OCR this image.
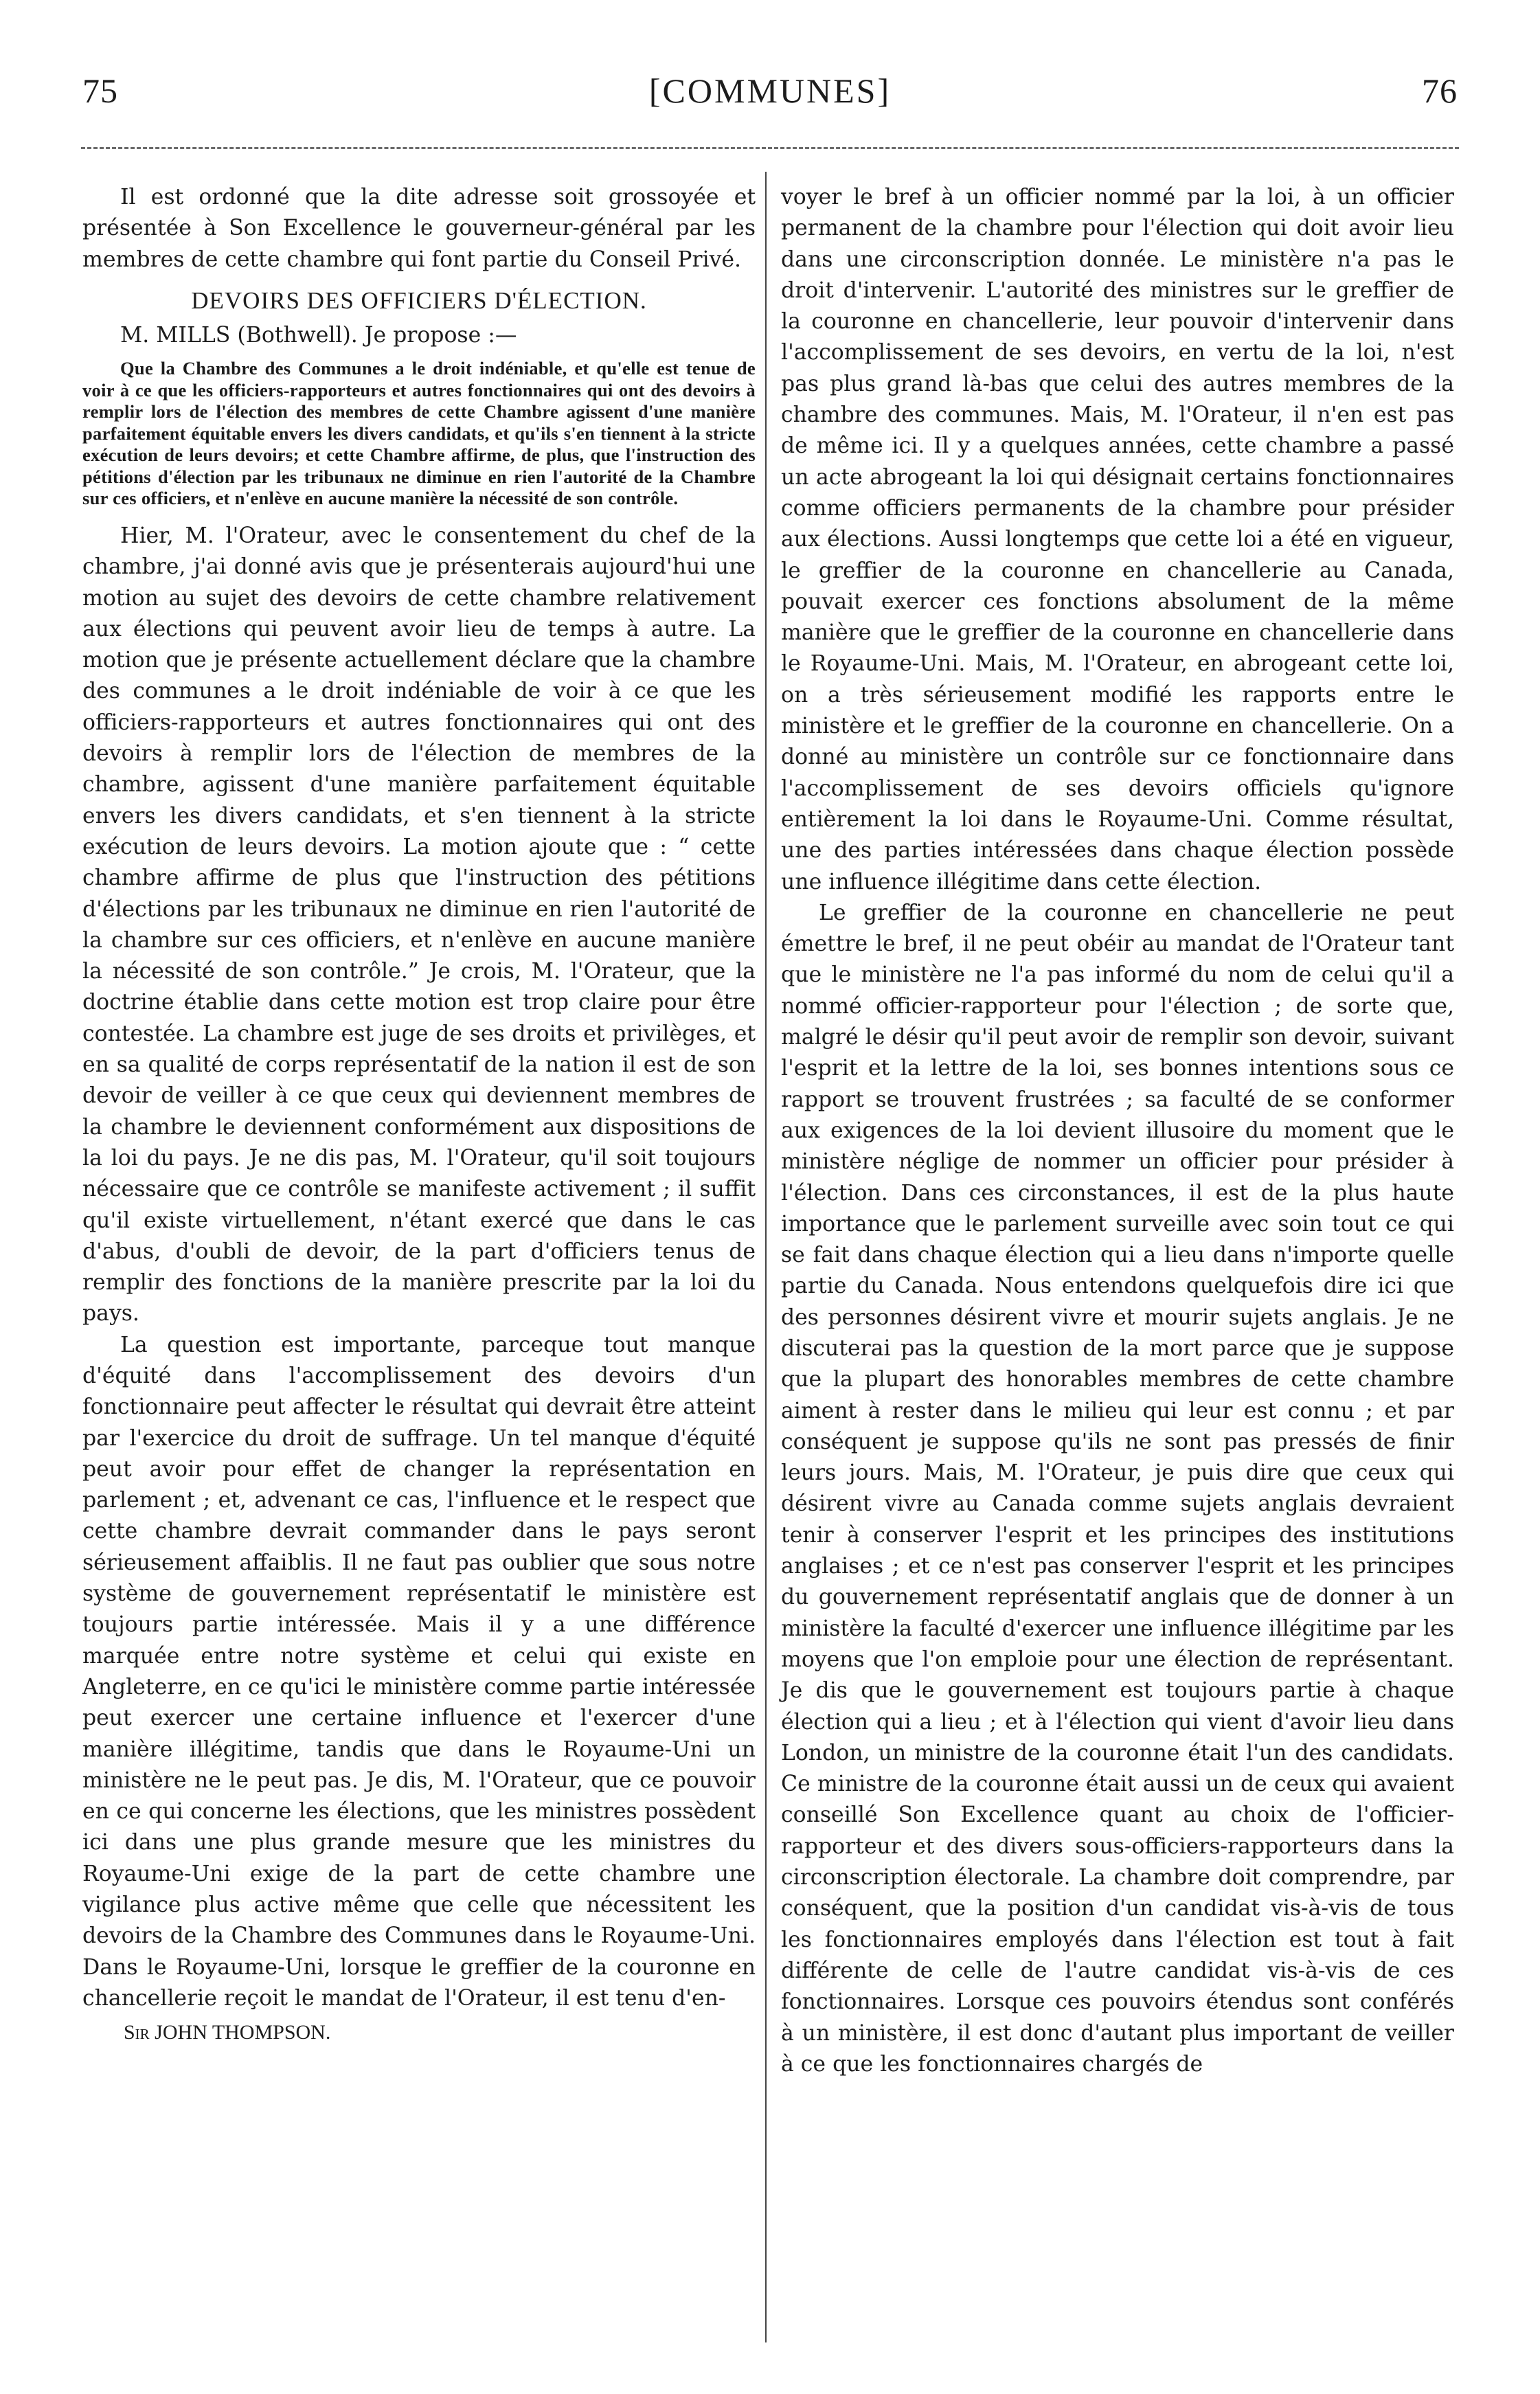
75	[COMMUNES]	76

Il est ordonné que la dite adresse soit grossoyée et présentée à Son Excellence le gouverneur-général par les membres de cette chambre qui font partie du Conseil Privé.

DEVOIRS DES OFFICIERS D'ÉLECTION.

M. MILLS (Bothwell). Je propose :—

Que la Chambre des Communes a le droit indéniable, et qu'elle est tenue de voir à ce que les officiers-rapporteurs et autres fonctionnaires qui ont des devoirs à remplir lors de l'élection des membres de cette Chambre agissent d'une manière parfaitement équitable envers les divers candidats, et qu'ils s'en tiennent à la stricte exécution de leurs devoirs; et cette Chambre affirme, de plus, que l'instruction des pétitions d'élection par les tribunaux ne diminue en rien l'autorité de la Chambre sur ces officiers, et n'enlève en aucune manière la nécessité de son contrôle.

Hier, M. l'Orateur, avec le consentement du chef de la chambre, j'ai donné avis que je présenterais aujourd'hui une motion au sujet des devoirs de cette chambre relativement aux élections qui peuvent avoir lieu de temps à autre. La motion que je présente actuellement déclare que la chambre des communes a le droit indéniable de voir à ce que les officiers-rapporteurs et autres fonctionnaires qui ont des devoirs à remplir lors de l'élection de membres de la chambre, agissent d'une manière parfaitement équitable envers les divers candidats, et s'en tiennent à la stricte exécution de leurs devoirs. La motion ajoute que : “ cette chambre affirme de plus que l'instruction des pétitions d'élections par les tribunaux ne diminue en rien l'autorité de la chambre sur ces officiers, et n'enlève en aucune manière la nécessité de son contrôle.” Je crois, M. l'Orateur, que la doctrine établie dans cette motion est trop claire pour être contestée. La chambre est juge de ses droits et privilèges, et en sa qualité de corps représentatif de la nation il est de son devoir de veiller à ce que ceux qui deviennent membres de la chambre le deviennent conformément aux dispositions de la loi du pays. Je ne dis pas, M. l'Orateur, qu'il soit toujours nécessaire que ce contrôle se manifeste activement ; il suffit qu'il existe virtuellement, n'étant exercé que dans le cas d'abus, d'oubli de devoir, de la part d'officiers tenus de remplir des fonctions de la manière prescrite par la loi du pays.

La question est importante, parceque tout manque d'équité dans l'accomplissement des devoirs d'un fonctionnaire peut affecter le résultat qui devrait être atteint par l'exercice du droit de suffrage. Un tel manque d'équité peut avoir pour effet de changer la représentation en parlement ; et, advenant ce cas, l'influence et le respect que cette chambre devrait commander dans le pays seront sérieusement affaiblis. Il ne faut pas oublier que sous notre système de gouvernement représentatif le ministère est toujours partie intéressée. Mais il y a une différence marquée entre notre système et celui qui existe en Angleterre, en ce qu'ici le ministère comme partie intéressée peut exercer une certaine influence et l'exercer d'une manière illégitime, tandis que dans le Royaume-Uni un ministère ne le peut pas. Je dis, M. l'Orateur, que ce pouvoir en ce qui concerne les élections, que les ministres possèdent ici dans une plus grande mesure que les ministres du Royaume-Uni exige de la part de cette chambre une vigilance plus active même que celle que nécessitent les devoirs de la Chambre des Communes dans le Royaume-Uni. Dans le Royaume-Uni, lorsque le greffier de la couronne en chancellerie reçoit le mandat de l'Orateur, il est tenu d'en-

Sir JOHN THOMPSON.

voyer le bref à un officier nommé par la loi, à un officier permanent de la chambre pour l'élection qui doit avoir lieu dans une circonscription donnée. Le ministère n'a pas le droit d'intervenir. L'autorité des ministres sur le greffier de la couronne en chancellerie, leur pouvoir d'intervenir dans l'accomplissement de ses devoirs, en vertu de la loi, n'est pas plus grand là-bas que celui des autres membres de la chambre des communes. Mais, M. l'Orateur, il n'en est pas de même ici. Il y a quelques années, cette chambre a passé un acte abrogeant la loi qui désignait certains fonctionnaires comme officiers permanents de la chambre pour présider aux élections. Aussi longtemps que cette loi a été en vigueur, le greffier de la couronne en chancellerie au Canada, pouvait exercer ces fonctions absolument de la même manière que le greffier de la couronne en chancellerie dans le Royaume-Uni. Mais, M. l'Orateur, en abrogeant cette loi, on a très sérieusement modifié les rapports entre le ministère et le greffier de la couronne en chancellerie. On a donné au ministère un contrôle sur ce fonctionnaire dans l'accomplissement de ses devoirs officiels qu'ignore entièrement la loi dans le Royaume-Uni. Comme résultat, une des parties intéressées dans chaque élection possède une influence illégitime dans cette élection.

Le greffier de la couronne en chancellerie ne peut émettre le bref, il ne peut obéir au mandat de l'Orateur tant que le ministère ne l'a pas informé du nom de celui qu'il a nommé officier-rapporteur pour l'élection ; de sorte que, malgré le désir qu'il peut avoir de remplir son devoir, suivant l'esprit et la lettre de la loi, ses bonnes intentions sous ce rapport se trouvent frustrées ; sa faculté de se conformer aux exigences de la loi devient illusoire du moment que le ministère néglige de nommer un officier pour présider à l'élection. Dans ces circonstances, il est de la plus haute importance que le parlement surveille avec soin tout ce qui se fait dans chaque élection qui a lieu dans n'importe quelle partie du Canada. Nous entendons quelquefois dire ici que des personnes désirent vivre et mourir sujets anglais. Je ne discuterai pas la question de la mort parce que je suppose que la plupart des honorables membres de cette chambre aiment à rester dans le milieu qui leur est connu ; et par conséquent je suppose qu'ils ne sont pas pressés de finir leurs jours. Mais, M. l'Orateur, je puis dire que ceux qui désirent vivre au Canada comme sujets anglais devraient tenir à conserver l'esprit et les principes des institutions anglaises ; et ce n'est pas conserver l'esprit et les principes du gouvernement représentatif anglais que de donner à un ministère la faculté d'exercer une influence illégitime par les moyens que l'on emploie pour une élection de représentant. Je dis que le gouvernement est toujours partie à chaque élection qui a lieu ; et à l'élection qui vient d'avoir lieu dans London, un ministre de la couronne était l'un des candidats. Ce ministre de la couronne était aussi un de ceux qui avaient conseillé Son Excellence quant au choix de l'officier-rapporteur et des divers sous-officiers-rapporteurs dans la circonscription électorale. La chambre doit comprendre, par conséquent, que la position d'un candidat vis-à-vis de tous les fonctionnaires employés dans l'élection est tout à fait différente de celle de l'autre candidat vis-à-vis de ces fonctionnaires. Lorsque ces pouvoirs étendus sont conférés à un ministère, il est donc d'autant plus important de veiller à ce que les fonctionnaires chargés de
